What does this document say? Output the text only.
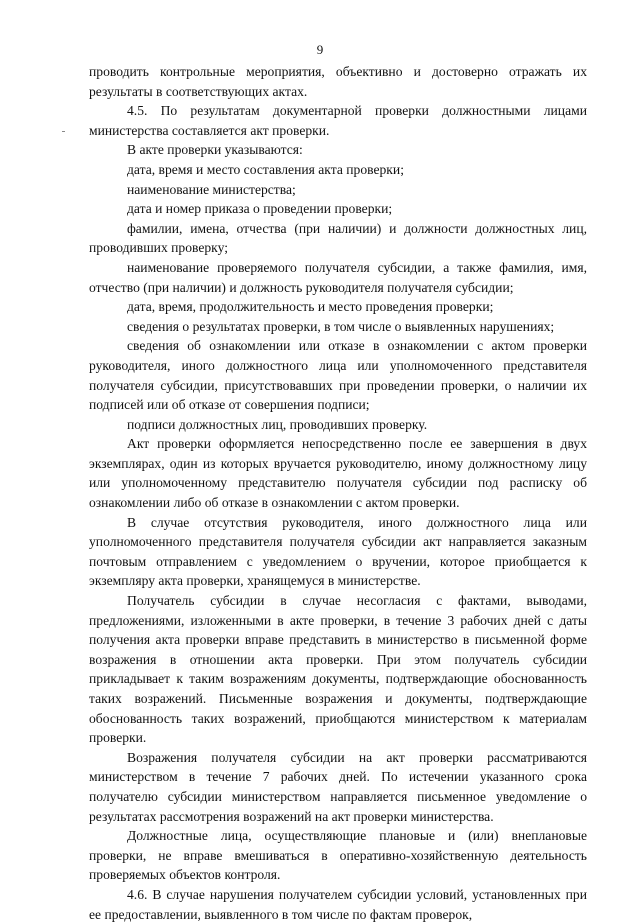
9

проводить контрольные мероприятия, объективно и достоверно отражать их результаты в соответствующих актах.

4.5. По результатам документарной проверки должностными лицами министерства составляется акт проверки.

В акте проверки указываются:

дата, время и место составления акта проверки;

наименование министерства;

дата и номер приказа о проведении проверки;

фамилии, имена, отчества (при наличии) и должности должностных лиц, проводивших проверку;

наименование проверяемого получателя субсидии, а также фамилия, имя, отчество (при наличии) и должность руководителя получателя субсидии;

дата, время, продолжительность и место проведения проверки;

сведения о результатах проверки, в том числе о выявленных нарушениях;

сведения об ознакомлении или отказе в ознакомлении с актом проверки руководителя, иного должностного лица или уполномоченного представителя получателя субсидии, присутствовавших при проведении проверки, о наличии их подписей или об отказе от совершения подписи;

подписи должностных лиц, проводивших проверку.

Акт проверки оформляется непосредственно после ее завершения в двух экземплярах, один из которых вручается руководителю, иному должностному лицу или уполномоченному представителю получателя субсидии под расписку об ознакомлении либо об отказе в ознакомлении с актом проверки.

В случае отсутствия руководителя, иного должностного лица или уполномоченного представителя получателя субсидии акт направляется заказным почтовым отправлением с уведомлением о вручении, которое приобщается к экземпляру акта проверки, хранящемуся в министерстве.

Получатель субсидии в случае несогласия с фактами, выводами, предложениями, изложенными в акте проверки, в течение 3 рабочих дней с даты получения акта проверки вправе представить в министерство в письменной форме возражения в отношении акта проверки. При этом получатель субсидии прикладывает к таким возражениям документы, подтверждающие обоснованность таких возражений. Письменные возражения и документы, подтверждающие обоснованность таких возражений, приобщаются министерством к материалам проверки.

Возражения получателя субсидии на акт проверки рассматриваются министерством в течение 7 рабочих дней. По истечении указанного срока получателю субсидии министерством направляется письменное уведомление о результатах рассмотрения возражений на акт проверки министерства.

Должностные лица, осуществляющие плановые и (или) внеплановые проверки, не вправе вмешиваться в оперативно-хозяйственную деятельность проверяемых объектов контроля.

4.6. В случае нарушения получателем субсидии условий, установленных при ее предоставлении, выявленного в том числе по фактам проверок,
